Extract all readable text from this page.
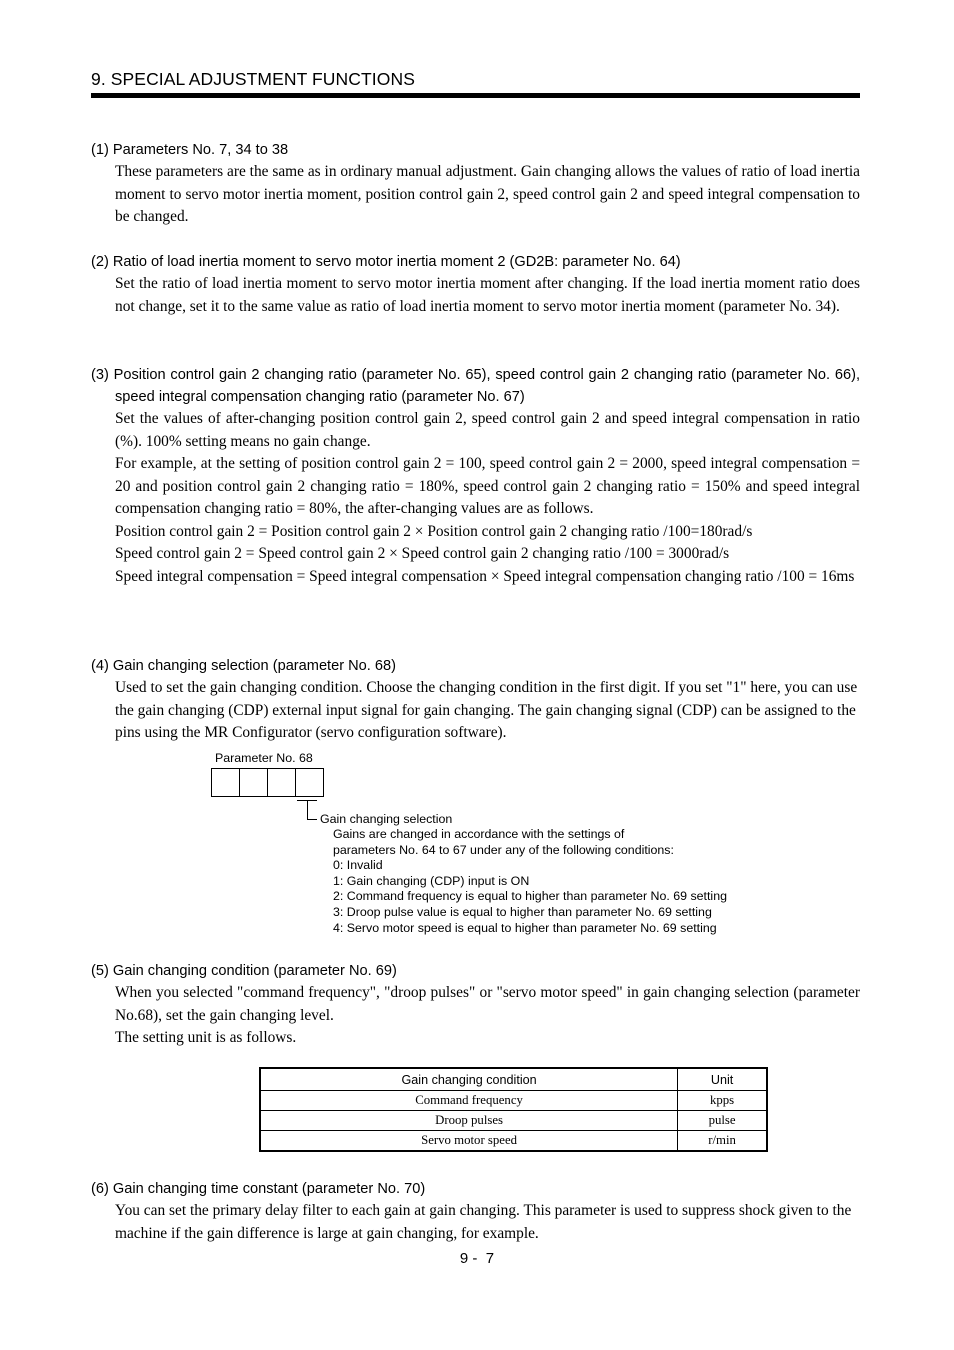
9. SPECIAL ADJUSTMENT FUNCTIONS
(1) Parameters No. 7, 34 to 38
These parameters are the same as in ordinary manual adjustment. Gain changing allows the values of ratio of load inertia moment to servo motor inertia moment, position control gain 2, speed control gain 2 and speed integral compensation to be changed.
(2) Ratio of load inertia moment to servo motor inertia moment 2 (GD2B: parameter No. 64)
Set the ratio of load inertia moment to servo motor inertia moment after changing. If the load inertia moment ratio does not change, set it to the same value as ratio of load inertia moment to servo motor inertia moment (parameter No. 34).
(3) Position control gain 2 changing ratio (parameter No. 65), speed control gain 2 changing ratio (parameter No. 66), speed integral compensation changing ratio (parameter No. 67)
Set the values of after-changing position control gain 2, speed control gain 2 and speed integral compensation in ratio (%). 100% setting means no gain change.
For example, at the setting of position control gain 2 = 100, speed control gain 2 = 2000, speed integral compensation = 20 and position control gain 2 changing ratio = 180%, speed control gain 2 changing ratio = 150% and speed integral compensation changing ratio = 80%, the after-changing values are as follows.
Position control gain 2 = Position control gain 2 × Position control gain 2 changing ratio /100=180rad/s
Speed control gain 2 = Speed control gain 2 × Speed control gain 2 changing ratio /100 = 3000rad/s
Speed integral compensation = Speed integral compensation × Speed integral compensation changing ratio /100 = 16ms
(4) Gain changing selection (parameter No. 68)
Used to set the gain changing condition. Choose the changing condition in the first digit. If you set "1" here, you can use the gain changing (CDP) external input signal for gain changing. The gain changing signal (CDP) can be assigned to the pins using the MR Configurator (servo configuration software).
Parameter No. 68
Gain changing selection
Gains are changed in accordance with the settings of
parameters No. 64 to 67 under any of the following conditions:
0: Invalid
1: Gain changing (CDP) input is ON
2: Command frequency is equal to higher than parameter No. 69 setting
3: Droop pulse value is equal to higher than parameter No. 69 setting
4: Servo motor speed is equal to higher than parameter No. 69 setting
(5) Gain changing condition (parameter No. 69)
When you selected "command frequency", "droop pulses" or "servo motor speed" in gain changing selection (parameter No.68), set the gain changing level.
The setting unit is as follows.
Gain changing condition	Unit
Command frequency	kpps
Droop pulses	pulse
Servo motor speed	r/min
(6) Gain changing time constant (parameter No. 70)
You can set the primary delay filter to each gain at gain changing. This parameter is used to suppress shock given to the machine if the gain difference is large at gain changing, for example.
9 -  7
